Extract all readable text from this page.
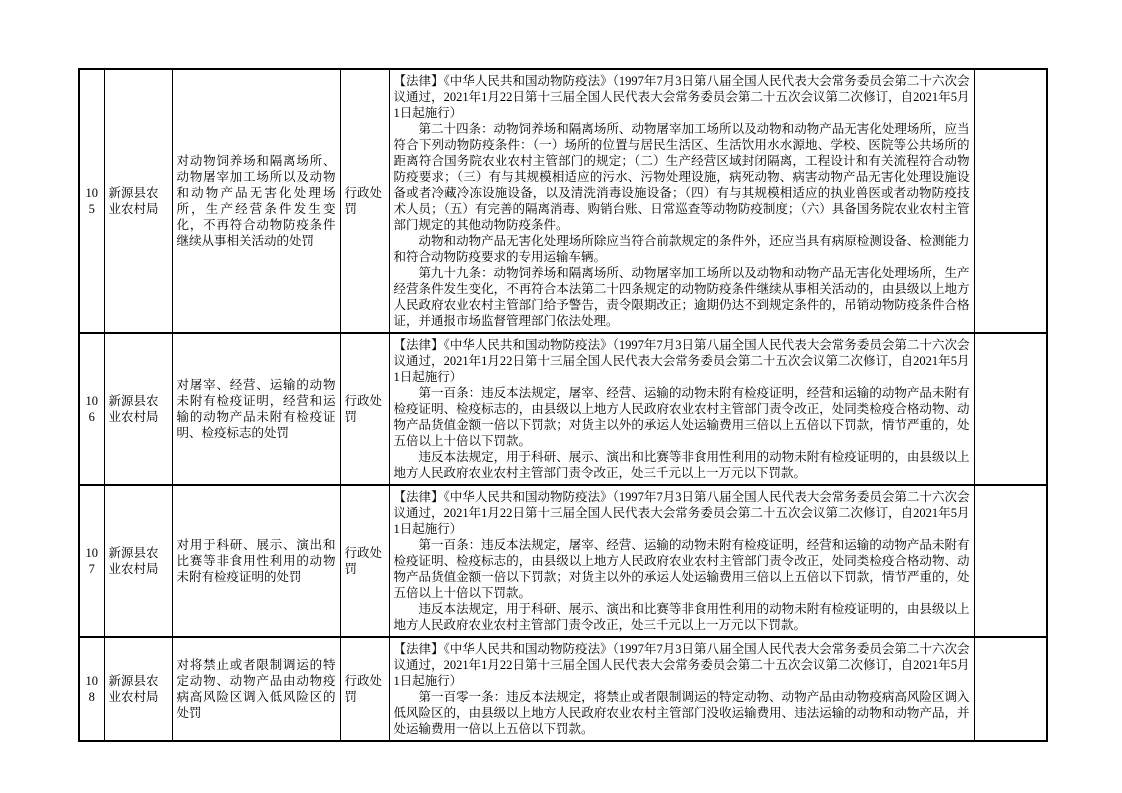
105	新源县农业农村局	对动物饲养场和隔离场所、动物屠宰加工场所以及动物和动物产品无害化处理场所，生产经营条件发生变化，不再符合动物防疫条件继续从事相关活动的处罚	行政处罚	【法律】《中华人民共和国动物防疫法》（1997年7月3日第八届全国人民代表大会常务委员会第二十六次会议通过，2021年1月22日第十三届全国人民代表大会常务委员会第二十五次会议第二次修订，自2021年5月1日起施行）

第二十四条：动物饲养场和隔离场所、动物屠宰加工场所以及动物和动物产品无害化处理场所，应当符合下列动物防疫条件：（一）场所的位置与居民生活区、生活饮用水水源地、学校、医院等公共场所的距离符合国务院农业农村主管部门的规定；（二）生产经营区域封闭隔离，工程设计和有关流程符合动物防疫要求；（三）有与其规模相适应的污水、污物处理设施，病死动物、病害动物产品无害化处理设施设备或者冷藏冷冻设施设备，以及清洗消毒设施设备；（四）有与其规模相适应的执业兽医或者动物防疫技术人员；（五）有完善的隔离消毒、购销台账、日常巡查等动物防疫制度；（六）具备国务院农业农村主管部门规定的其他动物防疫条件。

动物和动物产品无害化处理场所除应当符合前款规定的条件外，还应当具有病原检测设备、检测能力和符合动物防疫要求的专用运输车辆。

第九十九条：动物饲养场和隔离场所、动物屠宰加工场所以及动物和动物产品无害化处理场所，生产经营条件发生变化，不再符合本法第二十四条规定的动物防疫条件继续从事相关活动的，由县级以上地方人民政府农业农村主管部门给予警告，责令限期改正；逾期仍达不到规定条件的，吊销动物防疫条件合格证，并通报市场监督管理部门依法处理。	

106	新源县农业农村局	对屠宰、经营、运输的动物未附有检疫证明，经营和运输的动物产品未附有检疫证明、检疫标志的处罚	行政处罚	【法律】《中华人民共和国动物防疫法》（1997年7月3日第八届全国人民代表大会常务委员会第二十六次会议通过，2021年1月22日第十三届全国人民代表大会常务委员会第二十五次会议第二次修订，自2021年5月1日起施行）

第一百条：违反本法规定，屠宰、经营、运输的动物未附有检疫证明，经营和运输的动物产品未附有检疫证明、检疫标志的，由县级以上地方人民政府农业农村主管部门责令改正，处同类检疫合格动物、动物产品货值金额一倍以下罚款；对货主以外的承运人处运输费用三倍以上五倍以下罚款，情节严重的，处五倍以上十倍以下罚款。

违反本法规定，用于科研、展示、演出和比赛等非食用性利用的动物未附有检疫证明的，由县级以上地方人民政府农业农村主管部门责令改正，处三千元以上一万元以下罚款。	

107	新源县农业农村局	对用于科研、展示、演出和比赛等非食用性利用的动物未附有检疫证明的处罚	行政处罚	【法律】《中华人民共和国动物防疫法》（1997年7月3日第八届全国人民代表大会常务委员会第二十六次会议通过，2021年1月22日第十三届全国人民代表大会常务委员会第二十五次会议第二次修订，自2021年5月1日起施行）

第一百条：违反本法规定，屠宰、经营、运输的动物未附有检疫证明，经营和运输的动物产品未附有检疫证明、检疫标志的，由县级以上地方人民政府农业农村主管部门责令改正，处同类检疫合格动物、动物产品货值金额一倍以下罚款；对货主以外的承运人处运输费用三倍以上五倍以下罚款，情节严重的，处五倍以上十倍以下罚款。

违反本法规定，用于科研、展示、演出和比赛等非食用性利用的动物未附有检疫证明的，由县级以上地方人民政府农业农村主管部门责令改正，处三千元以上一万元以下罚款。	

108	新源县农业农村局	对将禁止或者限制调运的特定动物、动物产品由动物疫病高风险区调入低风险区的处罚	行政处罚	【法律】《中华人民共和国动物防疫法》（1997年7月3日第八届全国人民代表大会常务委员会第二十六次会议通过，2021年1月22日第十三届全国人民代表大会常务委员会第二十五次会议第二次修订，自2021年5月1日起施行）

第一百零一条：违反本法规定，将禁止或者限制调运的特定动物、动物产品由动物疫病高风险区调入低风险区的，由县级以上地方人民政府农业农村主管部门没收运输费用、违法运输的动物和动物产品，并处运输费用一倍以上五倍以下罚款。	
